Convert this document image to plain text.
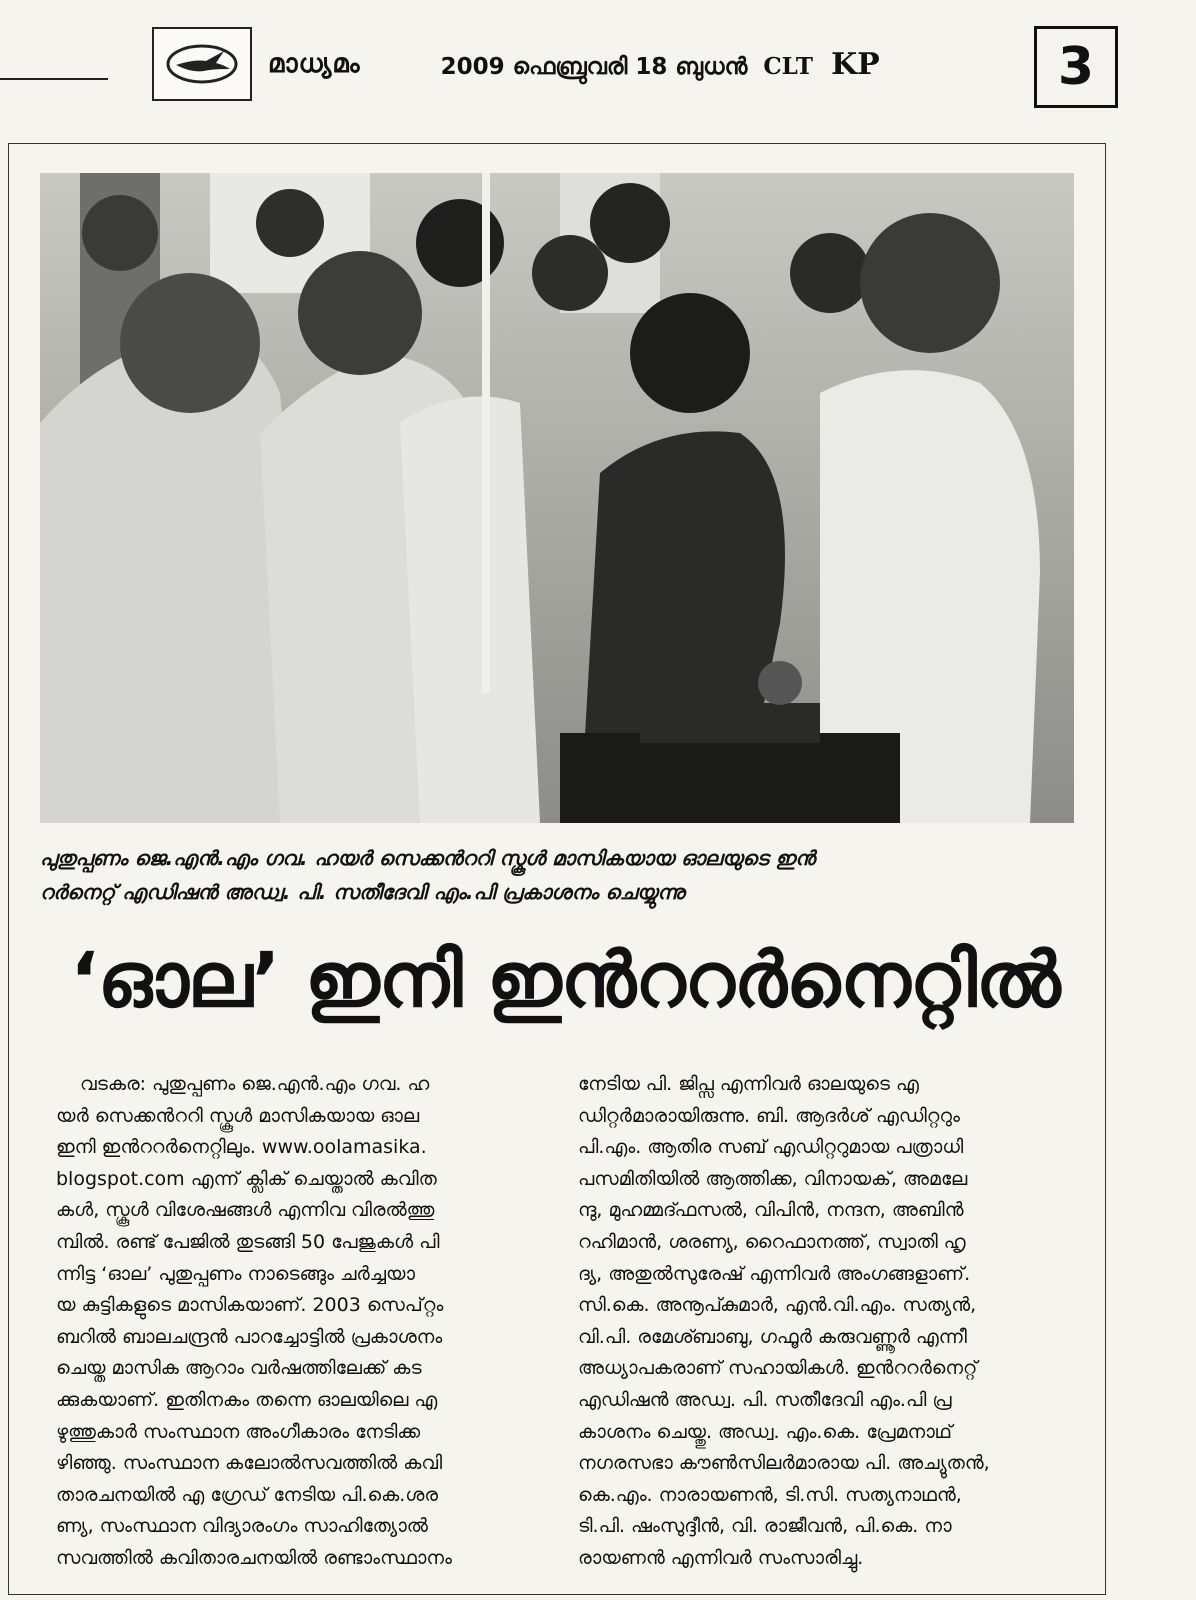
മാധ്യമം	2009 ഫെബ്രുവരി 18 ബുധൻ CLT KP	3
പുതുപ്പണം ജെ.എൻ.എം ഗവ. ഹയർ സെക്കൻററി സ്കൂൾ മാസികയായ ഓലയുടെ ഇൻ
റർനെറ്റ് എഡിഷൻ അഡ്വ. പി. സതീദേവി എം.പി പ്രകാശനം ചെയ്യുന്നു
‘ഓല’ ഇനി ഇൻററർനെറ്റിൽ
വടകര: പുതുപ്പണം ജെ.എൻ.എം ഗവ. ഹ
യർ സെക്കൻററി സ്കൂൾ മാസികയായ ഓല
ഇനി ഇൻററർനെറ്റിലും. www.oolamasika.
blogspot.com എന്ന് ക്ലിക് ചെയ്താൽ കവിത
കൾ, സ്കൂൾ വിശേഷങ്ങൾ എന്നിവ വിരൽത്തു
മ്പിൽ. രണ്ട് പേജിൽ തുടങ്ങി 50 പേജുകൾ പി
ന്നിട്ട ‘ഓല’ പുതുപ്പണം നാടെങ്ങും ചർച്ചയാ
യ കുട്ടികളുടെ മാസികയാണ്. 2003 സെപ്റ്റം
ബറിൽ ബാലചന്ദ്രൻ പാറച്ചോട്ടിൽ പ്രകാശനം
ചെയ്ത മാസിക ആറാം വർഷത്തിലേക്ക് കട
ക്കുകയാണ്. ഇതിനകം തന്നെ ഓലയിലെ എ
ഴുത്തുകാർ സംസ്ഥാന അംഗീകാരം നേടിക്ക
ഴിഞ്ഞു. സംസ്ഥാന കലോൽസവത്തിൽ കവി
താരചനയിൽ എ ഗ്രേഡ് നേടിയ പി.കെ.ശര
ണ്യ, സംസ്ഥാന വിദ്യാരംഗം സാഹിത്യോൽ
സവത്തിൽ കവിതാരചനയിൽ രണ്ടാംസ്ഥാനം
നേടിയ പി. ജിപ്സ എന്നിവർ ഓലയുടെ എ
ഡിറ്റർമാരായിരുന്നു. ബി. ആദർശ് എഡിറ്ററും
പി.എം. ആതിര സബ് എഡിറ്ററുമായ പത്രാധി
പസമിതിയിൽ ആത്തിക്ക, വിനായക്, അമലേ
ന്ദു, മുഹമ്മദ്ഫസൽ, വിപിൻ, നന്ദന, അബിൻ
റഹിമാൻ, ശരണ്യ, റൈഫാനത്ത്, സ്വാതി ഹൃ
ദ്യ, അതുൽസുരേഷ് എന്നിവർ അംഗങ്ങളാണ്.
സി.കെ. അനൂപ്കുമാർ, എൻ.വി.എം. സത്യൻ,
വി.പി. രമേശ്ബാബു, ഗഫൂർ കരുവണ്ണൂർ എന്നീ
അധ്യാപകരാണ് സഹായികൾ. ഇൻററർനെറ്റ്
എഡിഷൻ അഡ്വ. പി. സതീദേവി എം.പി പ്ര
കാശനം ചെയ്തു. അഡ്വ. എം.കെ. പ്രേമനാഥ്
നഗരസഭാ കൗൺസിലർമാരായ പി. അച്യുതൻ,
കെ.എം. നാരായണൻ, ടി.സി. സത്യനാഥൻ,
ടി.പി. ഷംസുദ്ദീൻ, വി. രാജീവൻ, പി.കെ. നാ
രായണൻ എന്നിവർ സംസാരിച്ചു.
